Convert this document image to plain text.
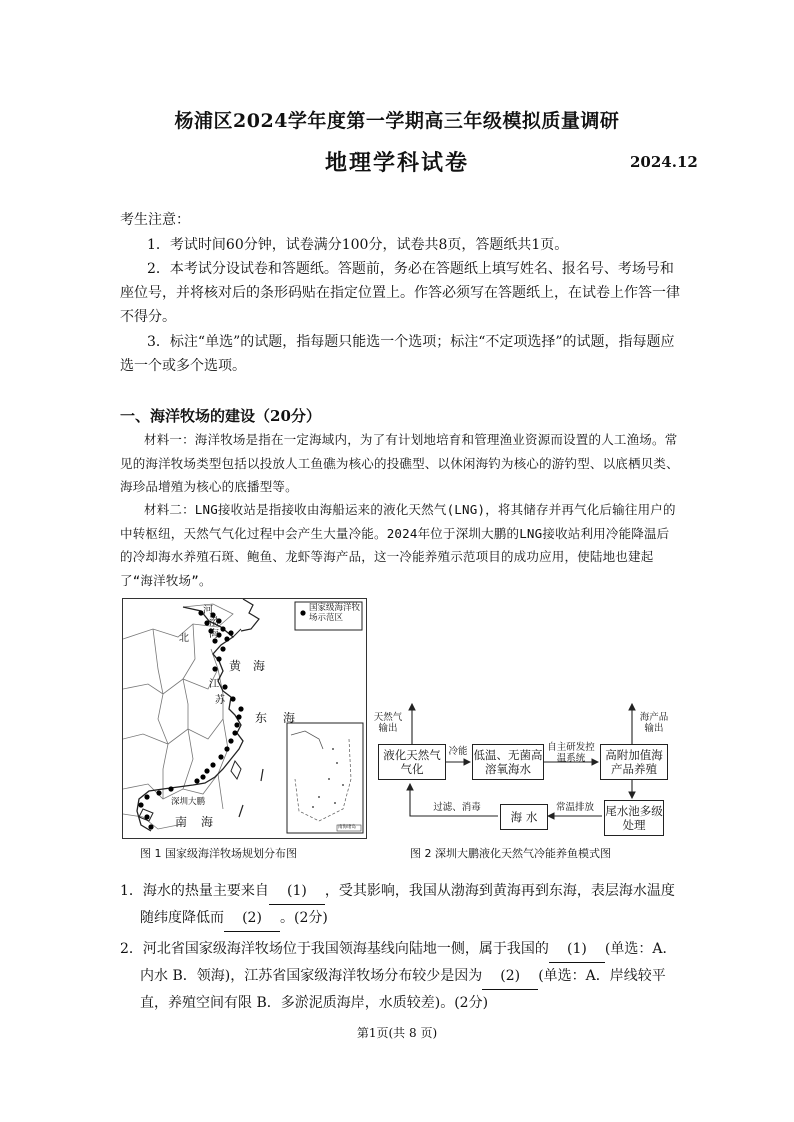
杨浦区2024学年度第一学期高三年级模拟质量调研
地理学科试卷	2024.12
考生注意：
1．考试时间60分钟，试卷满分100分，试卷共8页，答题纸共1页。
2．本考试分设试卷和答题纸。答题前，务必在答题纸上填写姓名、报名号、考场号和座位号，并将核对后的条形码贴在指定位置上。作答必须写在答题纸上，在试卷上作答一律不得分。
3．标注“单选”的试题，指每题只能选一个选项；标注“不定项选择”的试题，指每题应选一个或多个选项。
一、海洋牧场的建设（20分）
材料一：海洋牧场是指在一定海域内，为了有计划地培育和管理渔业资源而设置的人工渔场。常见的海洋牧场类型包括以投放人工鱼礁为核心的投礁型、以休闲海钓为核心的游钓型、以底栖贝类、海珍品增殖为核心的底播型等。
材料二：LNG接收站是指接收由海船运来的液化天然气(LNG)，将其储存并再气化后输往用户的中转枢纽，天然气气化过程中会产生大量冷能。2024年位于深圳大鹏的LNG接收站利用冷能降温后的冷却海水养殖石斑、鲍鱼、龙虾等海产品，这一冷能养殖示范项目的成功应用，使陆地也建起了“海洋牧场”。
国家级海洋牧场示范区
河
渤
海
北
黄 海
江
苏
东 海
深圳大鹏
南 海	南海诸岛
图 1 国家级海洋牧场规划分布图
液化天然气气化
低温、无菌高溶氧海水
高附加值海产品养殖
海 水	尾水池多级处理
天然气输出
冷能	自主研发控温系统
海产品输出
过滤、消毒	常温排放
图 2 深圳大鹏液化天然气冷能养鱼模式图
1．海水的热量主要来自 (1) ，受其影响，我国从渤海到黄海再到东海，表层海水温度随纬度降低而 (2) 。(2分)
2．河北省国家级海洋牧场位于我国领海基线向陆地一侧，属于我国的 (1) (单选：A．内水 B．领海)，江苏省国家级海洋牧场分布较少是因为 (2) (单选：A．岸线较平直，养殖空间有限 B．多淤泥质海岸，水质较差)。(2分)
第1页(共 8 页)
